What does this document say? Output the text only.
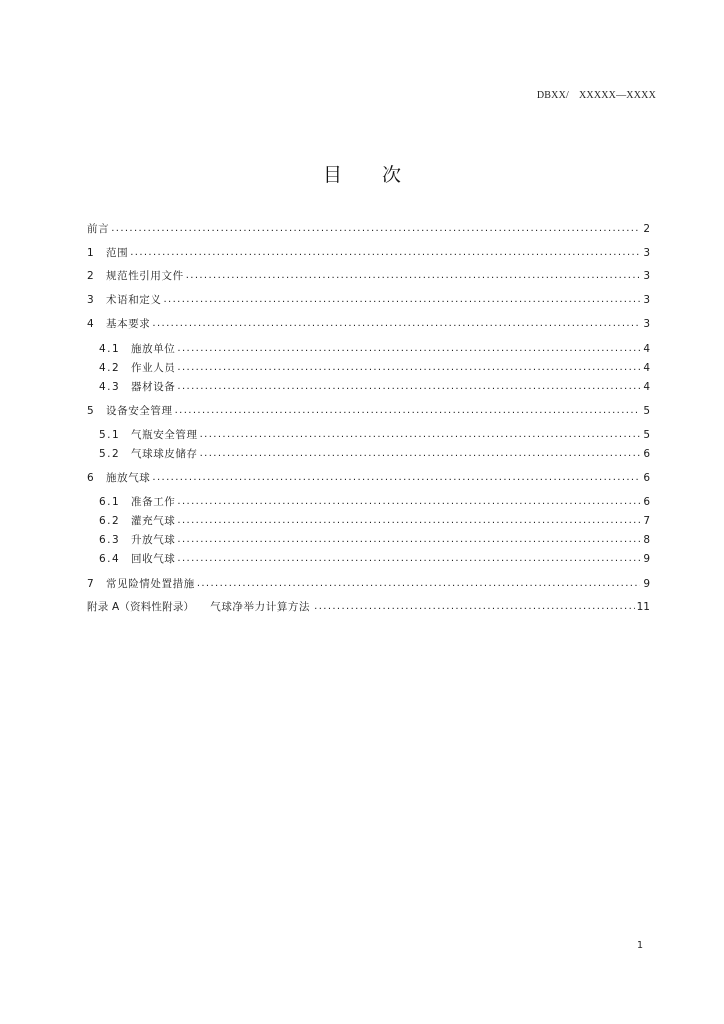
DBXX/ XXXXX—XXXX
目 次
前言 . . .	2
1	范围 . . .	3
2	规范性引用文件 . . .	3
3	术语和定义 . . .	3
4	基本要求 . . .	3
4.1	施放单位 . . .	4
4.2	作业人员 . . .	4
4.3	器材设备 . . .	4
5	设备安全管理 . . .	5
5.1	气瓶安全管理 . . .	5
5.2	气球球皮储存 . . .	6
6	施放气球 . . .	6
6.1	准备工作 . . .	6
6.2	灌充气球 . . .	7
6.3	升放气球 . . .	8
6.4	回收气球 . . .	9
7	常见险情处置措施 . . .	9
附录 A（资料性附录） 气球净举力计算方法 . . .	11
1
